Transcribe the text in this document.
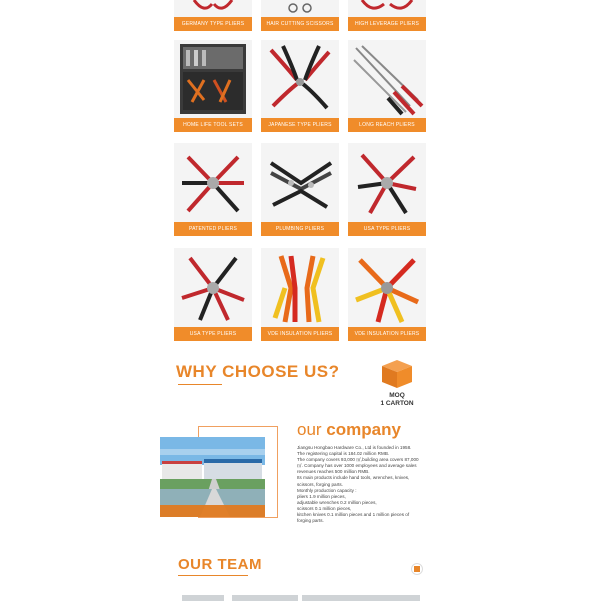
GERMANY TYPE PLIERS	HAIR CUTTING SCISSORS	HIGH LEVERAGE PLIERS
HOME LIFE TOOL SETS	JAPANESE TYPE PLIERS	LONG REACH PLIERS
PATENTED PLIERS	PLUMBING PLIERS	USA TYPE PLIERS
USA TYPE PLIERS	VDE INSULATION PLIERS	VDE INSULATION PLIERS
WHY CHOOSE US?
MOQ
1 CARTON
our company

Jiangsu Hongbao Hardware Co., Ltd is founded in 1958.

The registering capital is 184.02 million RMB.

The company covers 93,000 ㎡,building area covers 87,000

㎡. Company has over 1000 employees and average sales

revenues reaches 500 million RMB.

Its main products include hand tools, wrenches, knives,

scissors, forging parts.

Monthly production capacity :

pliers 1.9 million pieces,

adjustable wrenches 0.2 million pieces,

scissors 0.1 million pieces,

kitchen knives 0.1 million pieces and 1 million pieces of

forging parts.

OUR TEAM
